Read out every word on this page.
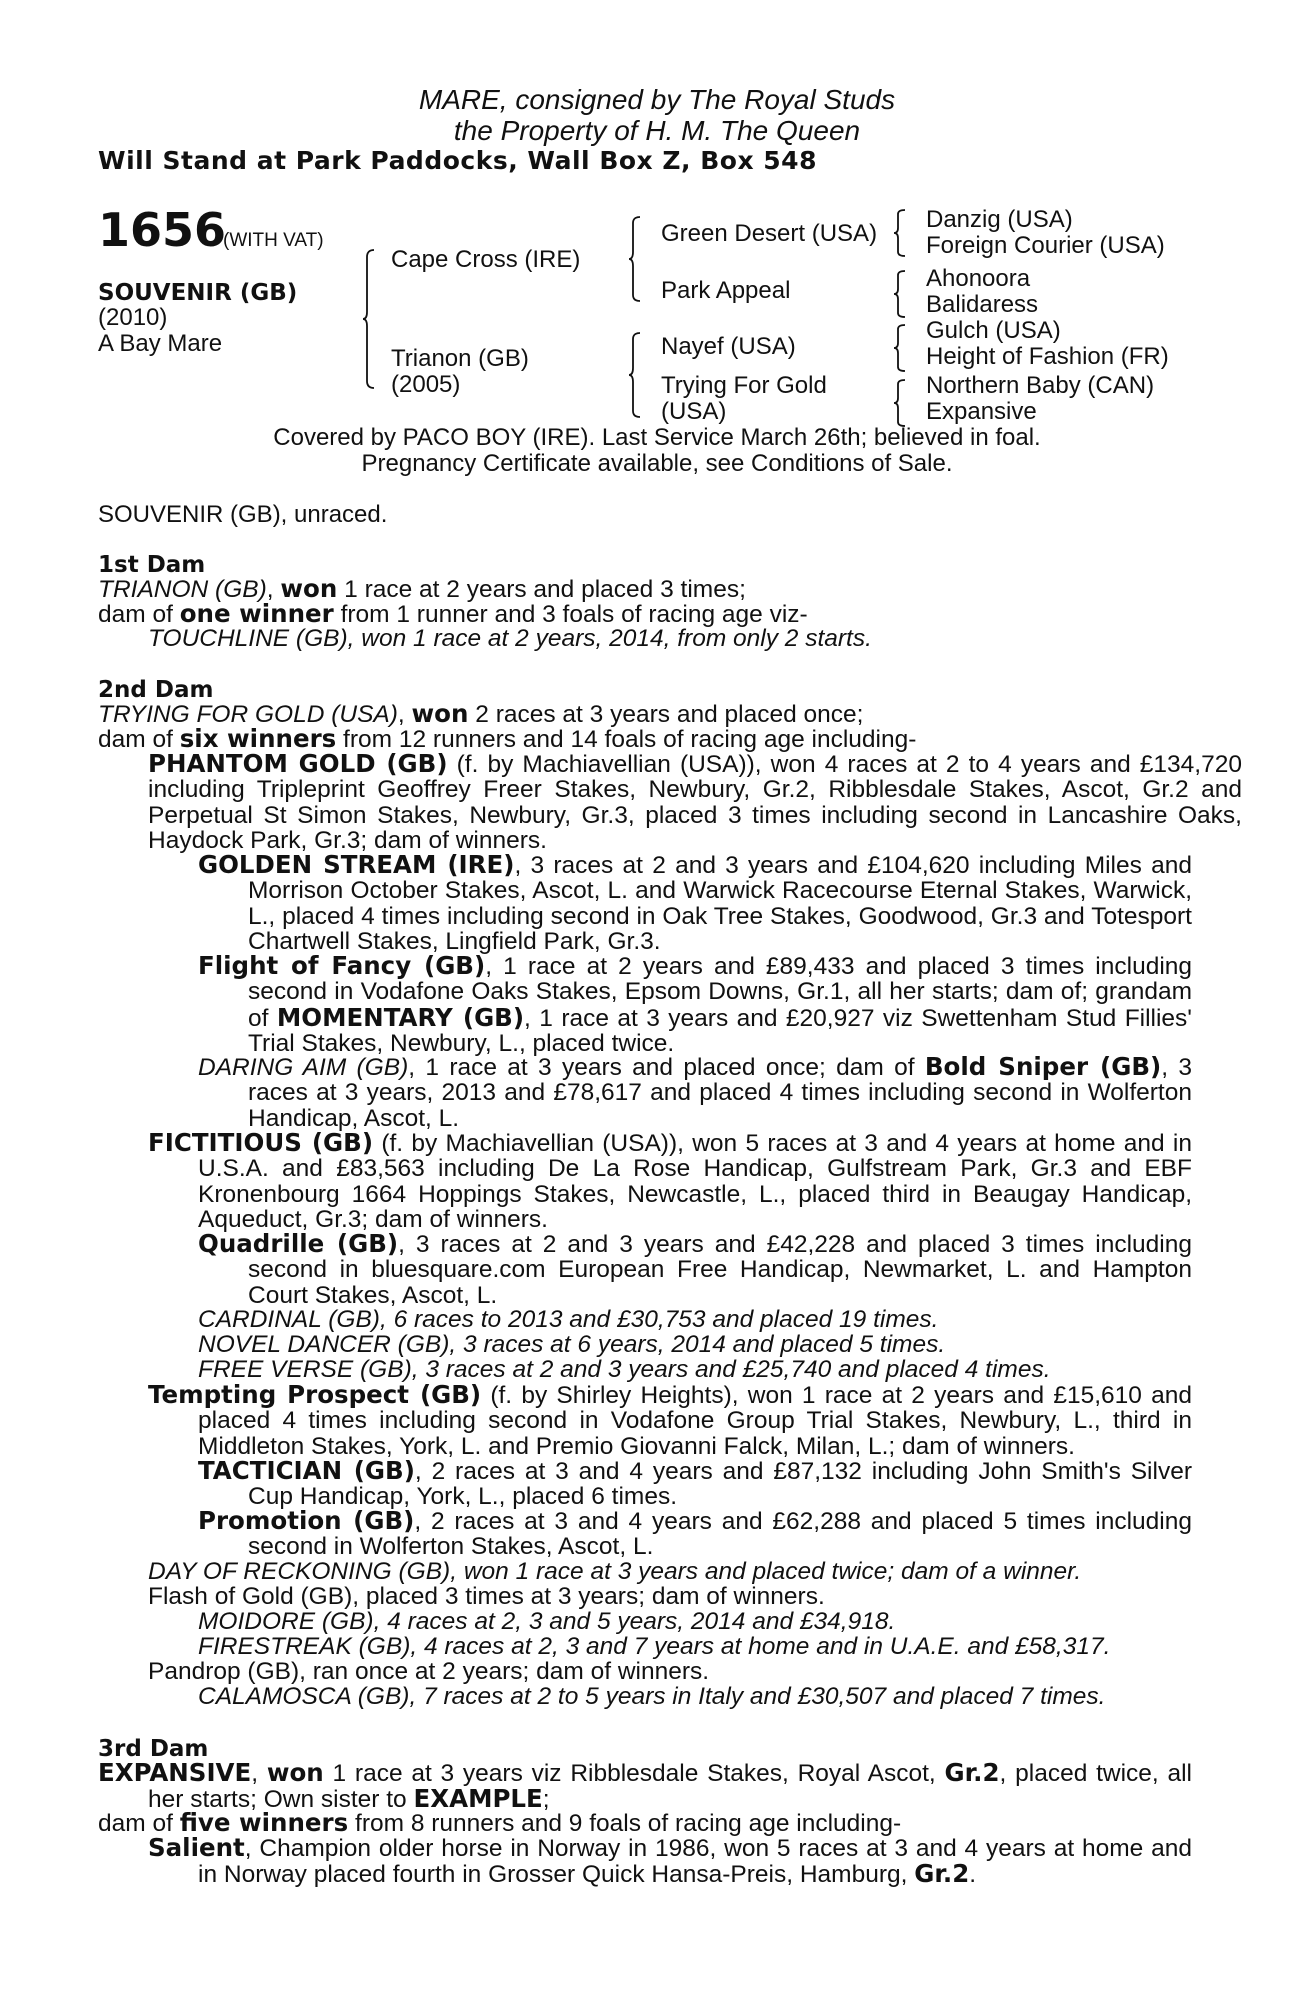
MARE, consigned by The Royal Studs
the Property of H. M. The Queen
Will Stand at Park Paddocks, Wall Box Z, Box 548
1656
(WITH VAT)
SOUVENIR (GB)
(2010)
A Bay Mare
Cape Cross (IRE)
Trianon (GB)
(2005)
Green Desert (USA)
Park Appeal
Nayef (USA)
Trying For Gold
(USA)
Danzig (USA)
Foreign Courier (USA)
Ahonoora
Balidaress
Gulch (USA)
Height of Fashion (FR)
Northern Baby (CAN)
Expansive
Covered by PACO BOY (IRE). Last Service March 26th; believed in foal.
Pregnancy Certificate available, see Conditions of Sale.
SOUVENIR (GB), unraced.
1st Dam
TRIANON (GB), won 1 race at 2 years and placed 3 times;
dam of one winner from 1 runner and 3 foals of racing age viz-
TOUCHLINE (GB), won 1 race at 2 years, 2014, from only 2 starts.
2nd Dam
TRYING FOR GOLD (USA), won 2 races at 3 years and placed once;
dam of six winners from 12 runners and 14 foals of racing age including-
PHANTOM GOLD (GB) (f. by Machiavellian (USA)), won 4 races at 2 to 4 years and £134,720 including Tripleprint Geoffrey Freer Stakes, Newbury, Gr.2, Ribblesdale Stakes, Ascot, Gr.2 and Perpetual St Simon Stakes, Newbury, Gr.3, placed 3 times including second in Lancashire Oaks, Haydock Park, Gr.3; dam of winners.
GOLDEN STREAM (IRE), 3 races at 2 and 3 years and £104,620 including Miles and Morrison October Stakes, Ascot, L. and Warwick Racecourse Eternal Stakes, Warwick, L., placed 4 times including second in Oak Tree Stakes, Goodwood, Gr.3 and Totesport Chartwell Stakes, Lingfield Park, Gr.3.
Flight of Fancy (GB), 1 race at 2 years and £89,433 and placed 3 times including second in Vodafone Oaks Stakes, Epsom Downs, Gr.1, all her starts; dam of; grandam of MOMENTARY (GB), 1 race at 3 years and £20,927 viz Swettenham Stud Fillies' Trial Stakes, Newbury, L., placed twice.
DARING AIM (GB), 1 race at 3 years and placed once; dam of Bold Sniper (GB), 3 races at 3 years, 2013 and £78,617 and placed 4 times including second in Wolferton Handicap, Ascot, L.
FICTITIOUS (GB) (f. by Machiavellian (USA)), won 5 races at 3 and 4 years at home and in U.S.A. and £83,563 including De La Rose Handicap, Gulfstream Park, Gr.3 and EBF Kronenbourg 1664 Hoppings Stakes, Newcastle, L., placed third in Beaugay Handicap, Aqueduct, Gr.3; dam of winners.
Quadrille (GB), 3 races at 2 and 3 years and £42,228 and placed 3 times including second in bluesquare.com European Free Handicap, Newmarket, L. and Hampton Court Stakes, Ascot, L.
CARDINAL (GB), 6 races to 2013 and £30,753 and placed 19 times.
NOVEL DANCER (GB), 3 races at 6 years, 2014 and placed 5 times.
FREE VERSE (GB), 3 races at 2 and 3 years and £25,740 and placed 4 times.
Tempting Prospect (GB) (f. by Shirley Heights), won 1 race at 2 years and £15,610 and placed 4 times including second in Vodafone Group Trial Stakes, Newbury, L., third in Middleton Stakes, York, L. and Premio Giovanni Falck, Milan, L.; dam of winners.
TACTICIAN (GB), 2 races at 3 and 4 years and £87,132 including John Smith's Silver Cup Handicap, York, L., placed 6 times.
Promotion (GB), 2 races at 3 and 4 years and £62,288 and placed 5 times including second in Wolferton Stakes, Ascot, L.
DAY OF RECKONING (GB), won 1 race at 3 years and placed twice; dam of a winner.
Flash of Gold (GB), placed 3 times at 3 years; dam of winners.
MOIDORE (GB), 4 races at 2, 3 and 5 years, 2014 and £34,918.
FIRESTREAK (GB), 4 races at 2, 3 and 7 years at home and in U.A.E. and £58,317.
Pandrop (GB), ran once at 2 years; dam of winners.
CALAMOSCA (GB), 7 races at 2 to 5 years in Italy and £30,507 and placed 7 times.
3rd Dam
EXPANSIVE, won 1 race at 3 years viz Ribblesdale Stakes, Royal Ascot, Gr.2, placed twice, all her starts; Own sister to EXAMPLE;
dam of five winners from 8 runners and 9 foals of racing age including-
Salient, Champion older horse in Norway in 1986, won 5 races at 3 and 4 years at home and in Norway placed fourth in Grosser Quick Hansa-Preis, Hamburg, Gr.2.
